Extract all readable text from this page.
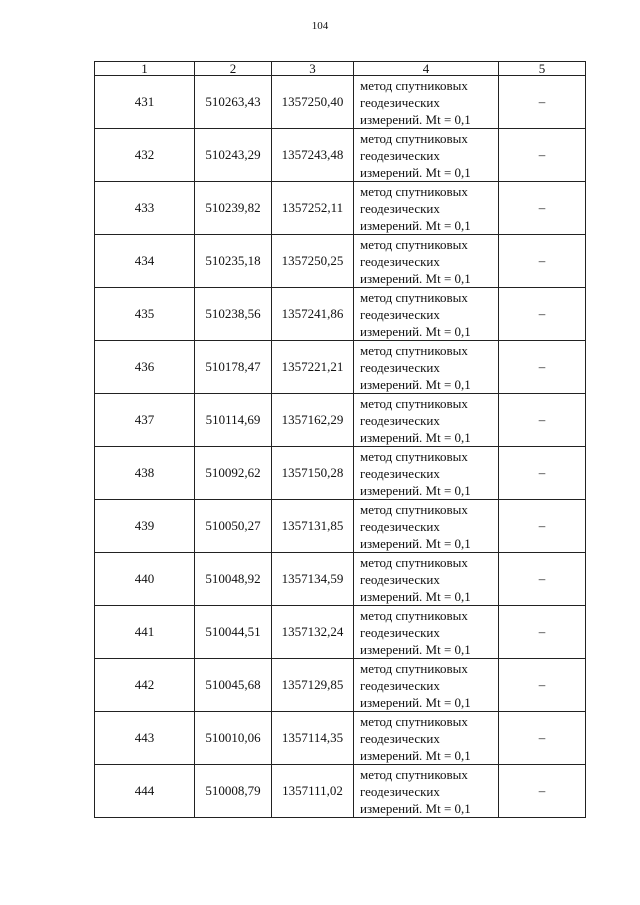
104
1	2	3	4	5
431	510263,43	1357250,40	метод спутниковых
геодезических
измерений. Mt = 0,1	–
432	510243,29	1357243,48	метод спутниковых
геодезических
измерений. Mt = 0,1	–
433	510239,82	1357252,11	метод спутниковых
геодезических
измерений. Mt = 0,1	–
434	510235,18	1357250,25	метод спутниковых
геодезических
измерений. Mt = 0,1	–
435	510238,56	1357241,86	метод спутниковых
геодезических
измерений. Mt = 0,1	–
436	510178,47	1357221,21	метод спутниковых
геодезических
измерений. Mt = 0,1	–
437	510114,69	1357162,29	метод спутниковых
геодезических
измерений. Mt = 0,1	–
438	510092,62	1357150,28	метод спутниковых
геодезических
измерений. Mt = 0,1	–
439	510050,27	1357131,85	метод спутниковых
геодезических
измерений. Mt = 0,1	–
440	510048,92	1357134,59	метод спутниковых
геодезических
измерений. Mt = 0,1	–
441	510044,51	1357132,24	метод спутниковых
геодезических
измерений. Mt = 0,1	–
442	510045,68	1357129,85	метод спутниковых
геодезических
измерений. Mt = 0,1	–
443	510010,06	1357114,35	метод спутниковых
геодезических
измерений. Mt = 0,1	–
444	510008,79	1357111,02	метод спутниковых
геодезических
измерений. Mt = 0,1	–
